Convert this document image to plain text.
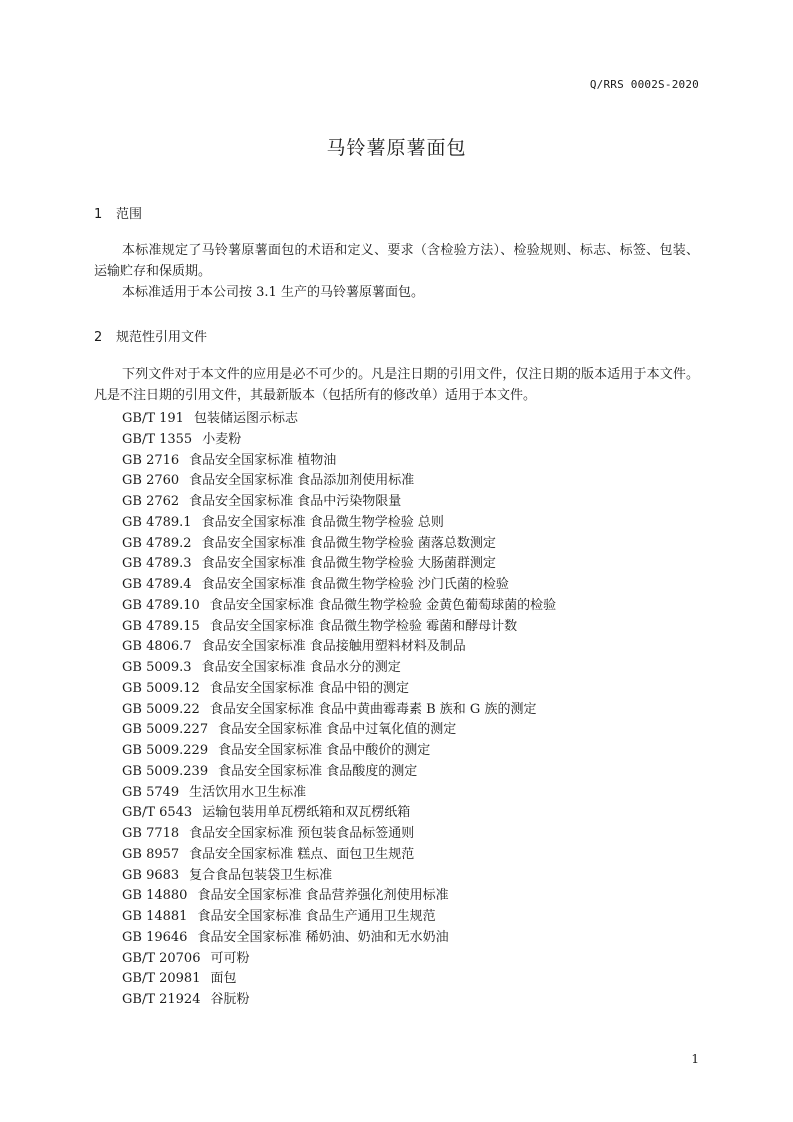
Q/RRS 0002S-2020
马铃薯原薯面包
1 范围
本标准规定了马铃薯原薯面包的术语和定义、要求（含检验方法）、检验规则、标志、标签、包装、运输贮存和保质期。
本标准适用于本公司按 3.1 生产的马铃薯原薯面包。
2 规范性引用文件
下列文件对于本文件的应用是必不可少的。凡是注日期的引用文件，仅注日期的版本适用于本文件。凡是不注日期的引用文件，其最新版本（包括所有的修改单）适用于本文件。
GB/T 191 包装储运图示标志
GB/T 1355 小麦粉
GB 2716 食品安全国家标准 植物油
GB 2760 食品安全国家标准 食品添加剂使用标准
GB 2762 食品安全国家标准 食品中污染物限量
GB 4789.1 食品安全国家标准 食品微生物学检验 总则
GB 4789.2 食品安全国家标准 食品微生物学检验 菌落总数测定
GB 4789.3 食品安全国家标准 食品微生物学检验 大肠菌群测定
GB 4789.4 食品安全国家标准 食品微生物学检验 沙门氏菌的检验
GB 4789.10 食品安全国家标准 食品微生物学检验 金黄色葡萄球菌的检验
GB 4789.15 食品安全国家标准 食品微生物学检验 霉菌和酵母计数
GB 4806.7 食品安全国家标准 食品接触用塑料材料及制品
GB 5009.3 食品安全国家标准 食品水分的测定
GB 5009.12 食品安全国家标准 食品中铅的测定
GB 5009.22 食品安全国家标准 食品中黄曲霉毒素 B 族和 G 族的测定
GB 5009.227 食品安全国家标准 食品中过氧化值的测定
GB 5009.229 食品安全国家标准 食品中酸价的测定
GB 5009.239 食品安全国家标准 食品酸度的测定
GB 5749 生活饮用水卫生标准
GB/T 6543 运输包装用单瓦楞纸箱和双瓦楞纸箱
GB 7718 食品安全国家标准 预包装食品标签通则
GB 8957 食品安全国家标准 糕点、面包卫生规范
GB 9683 复合食品包装袋卫生标准
GB 14880 食品安全国家标准 食品营养强化剂使用标准
GB 14881 食品安全国家标准 食品生产通用卫生规范
GB 19646 食品安全国家标准 稀奶油、奶油和无水奶油
GB/T 20706 可可粉
GB/T 20981 面包
GB/T 21924 谷朊粉
1
